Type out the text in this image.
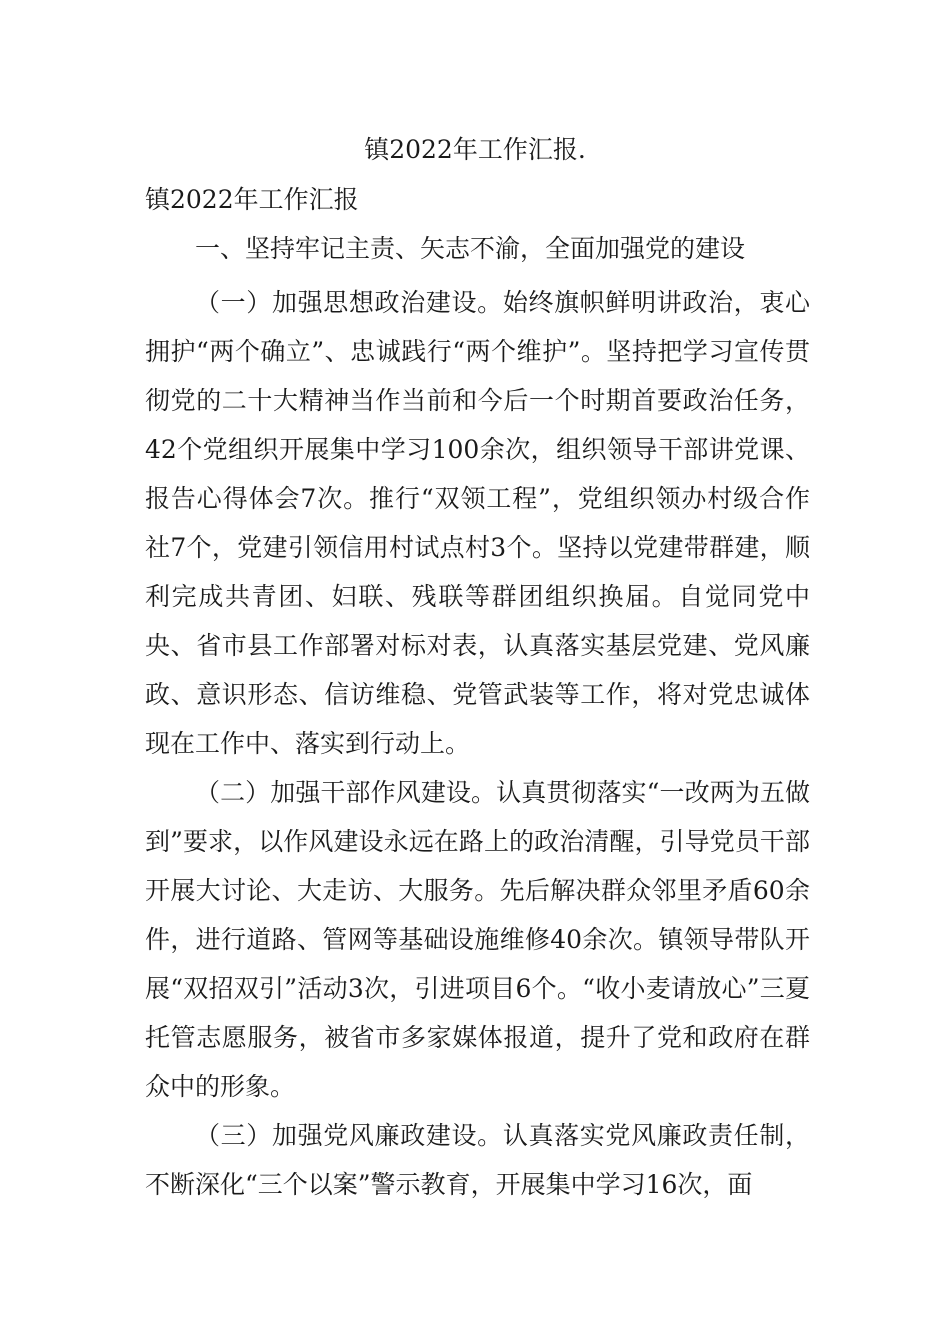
镇2022年工作汇报.
镇2022年工作汇报

一、坚持牢记主责、矢志不渝，全面加强党的建设

（一）加强思想政治建设。始终旗帜鲜明讲政治，衷心拥护“两个确立”、忠诚践行“两个维护”。坚持把学习宣传贯彻党的二十大精神当作当前和今后一个时期首要政治任务，42个党组织开展集中学习100余次，组织领导干部讲党课、报告心得体会7次。推行“双领工程”，党组织领办村级合作社7个，党建引领信用村试点村3个。坚持以党建带群建，顺利完成共青团、妇联、残联等群团组织换届。自觉同党中央、省市县工作部署对标对表，认真落实基层党建、党风廉政、意识形态、信访维稳、党管武装等工作，将对党忠诚体现在工作中、落实到行动上。

（二）加强干部作风建设。认真贯彻落实“一改两为五做到”要求，以作风建设永远在路上的政治清醒，引导党员干部开展大讨论、大走访、大服务。先后解决群众邻里矛盾60余件，进行道路、管网等基础设施维修40余次。镇领导带队开展“双招双引”活动3次，引进项目6个。“收小麦请放心”三夏托管志愿服务，被省市多家媒体报道，提升了党和政府在群众中的形象。

（三）加强党风廉政建设。认真落实党风廉政责任制，不断深化“三个以案”警示教育，开展集中学习16次，面
